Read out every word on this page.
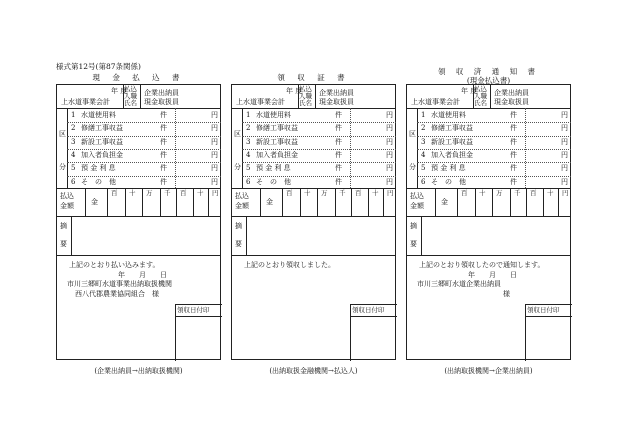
様式第12号(第87条関係)
現 金 払 込 書
年 度
上水道事業会計
払込
人職
氏名
企業出納員
現金取扱員
区
分
1 水道使用料	件	円
2 修繕工事収益	件	円
3 新設工事収益	件	円
4 加入者負担金	件	円
5 預 金 利 息	件	円
6 そ　の　他	件	円
払込
金額 金
百 十 万 千 百 十 円
摘
要
上記のとおり払い込みます。
年　　月　　日
市川三郷町水道事業出納取扱機関
西八代郡農業協同組合　様
領収日付印
(企業出納員→出納取扱機関)
領 収 証 書
年 度
上水道事業会計
払込
人職
氏名
企業出納員
現金取扱員
区
分
1 水道使用料	件	円
2 修繕工事収益	件	円
3 新設工事収益	件	円
4 加入者負担金	件	円
5 預 金 利 息	件	円
6 そ　の　他	件	円
払込
金額 金
百 十 万 千 百 十 円
摘
要
上記のとおり領収しました。
領収日付印
(出納取扱金融機関→払込人)
領 収 済 通 知 書
(現金払込書)
年 度
上水道事業会計
払込
人職
氏名
企業出納員
現金取扱員
区
分
1 水道使用料	件	円
2 修繕工事収益	件	円
3 新設工事収益	件	円
4 加入者負担金	件	円
5 預 金 利 息	件	円
6 そ　の　他	件	円
払込
金額 金
百 十 万 千 百 十 円
摘
要
上記のとおり領収したので通知します。
年　　月　　日
市川三郷町水道企業出納員
様
領収日付印
(出納取扱機関→企業出納員)
